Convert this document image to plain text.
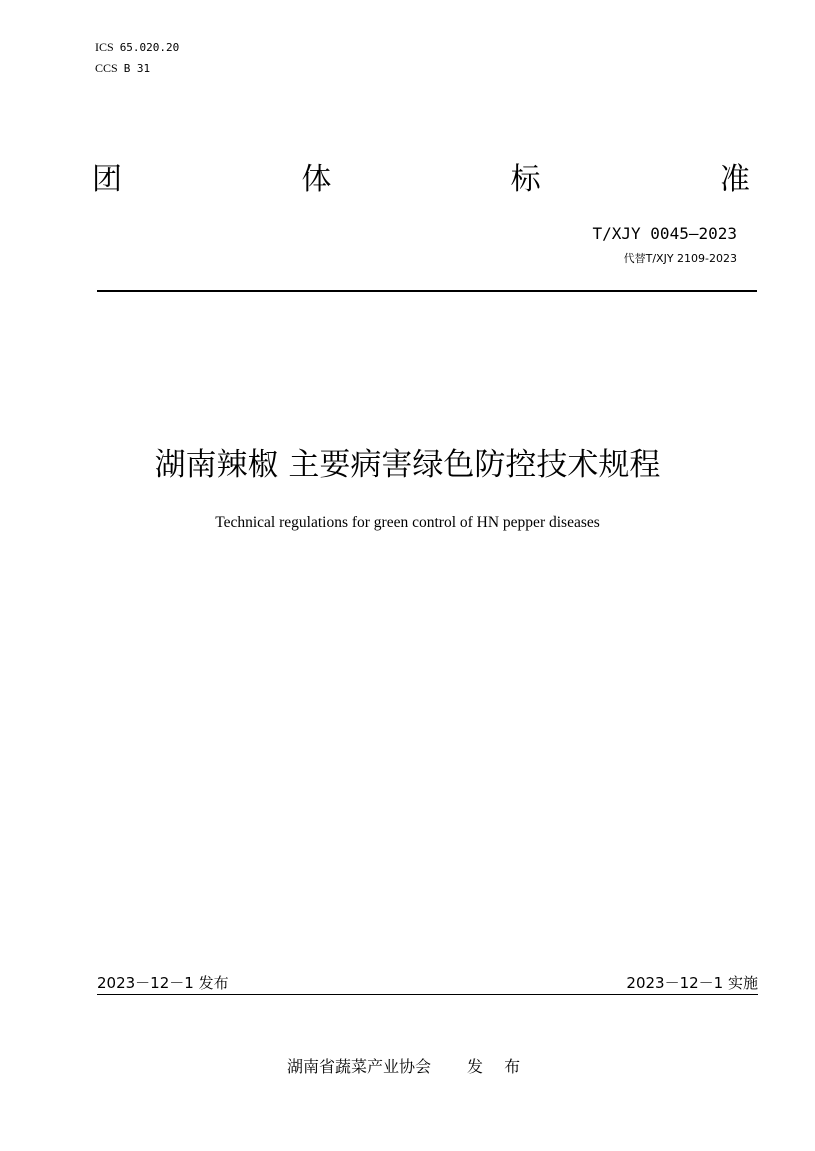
ICS 65.020.20
CCS B 31
团	体	标	准
T/XJY 0045—2023
代替T/XJY 2109-2023
湖南辣椒 主要病害绿色防控技术规程
Technical regulations for green control of HN pepper diseases
2023－12－1 发布	2023－12－1 实施
湖南省蔬菜产业协会 发 布
